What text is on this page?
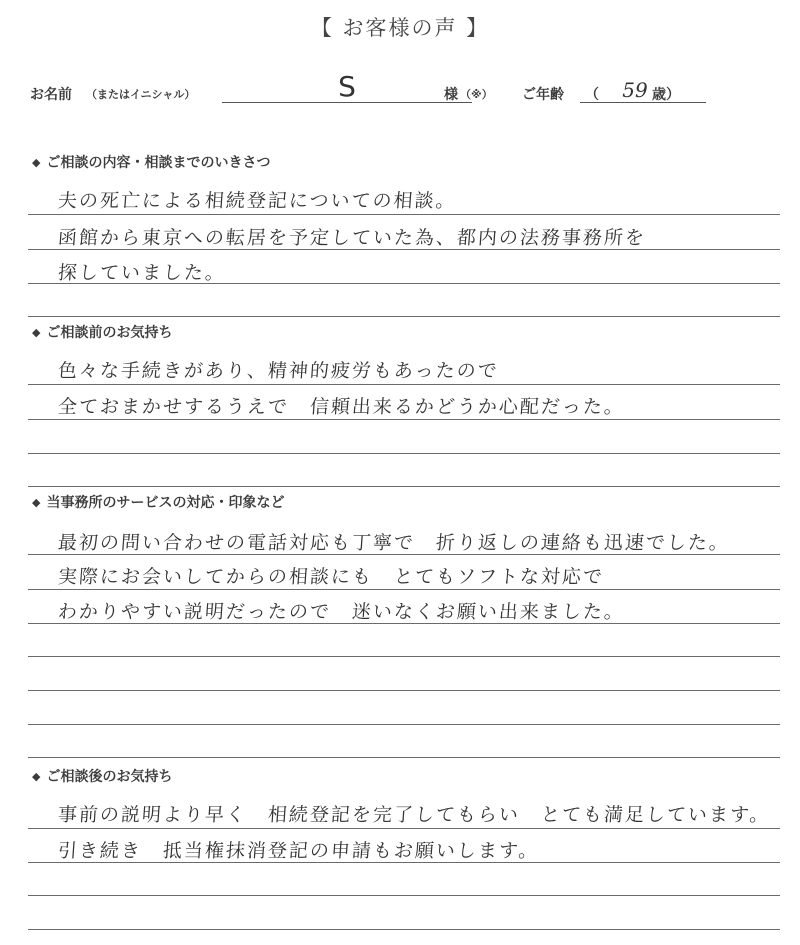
【 お客様の声 】
お名前 （またはイニシャル）	S	様 （※） ご年齢 （	59 歳）
◆ ご相談の内容・相談までのいきさつ
夫の死亡による相続登記についての相談。
函館から東京への転居を予定していた為、都内の法務事務所を
探していました。
◆ ご相談前のお気持ち
色々な手続きがあり、精神的疲労もあったので
全ておまかせするうえで　信頼出来るかどうか心配だった。
◆ 当事務所のサービスの対応・印象など
最初の問い合わせの電話対応も丁寧で　折り返しの連絡も迅速でした。
実際にお会いしてからの相談にも　とてもソフトな対応で
わかりやすい説明だったので　迷いなくお願い出来ました。
◆ ご相談後のお気持ち
事前の説明より早く　相続登記を完了してもらい　とても満足しています。
引き続き　抵当権抹消登記の申請もお願いします。
